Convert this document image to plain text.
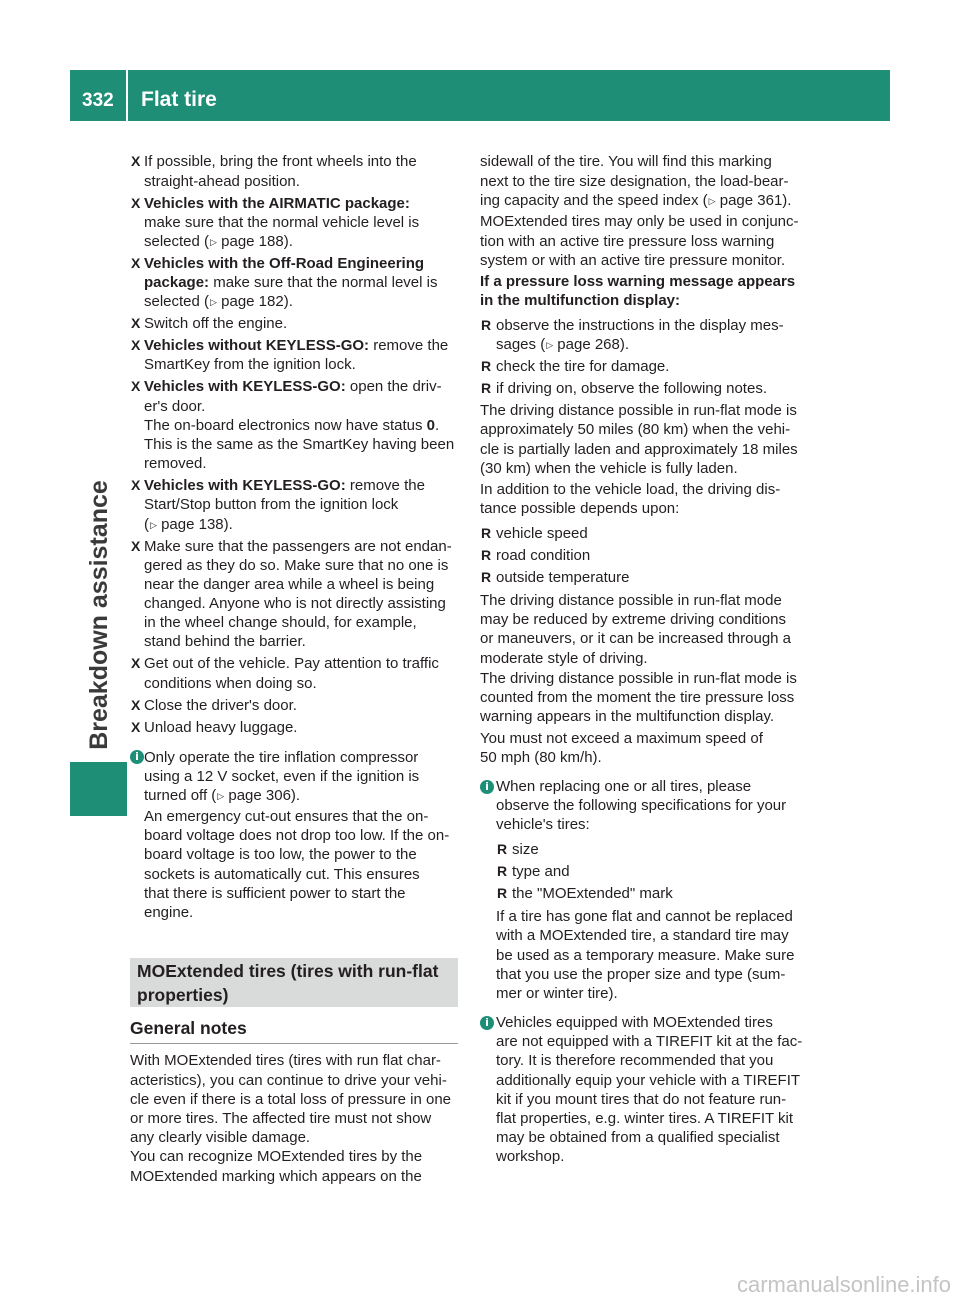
332 Flat tire
Breakdown assistance
X If possible, bring the front wheels into the
straight-ahead position.
X Vehicles with the AIRMATIC package:
make sure that the normal vehicle level is
selected (▷ page 188).
X Vehicles with the Off-Road Engineering
package: make sure that the normal level is
selected (▷ page 182).
X Switch off the engine.
X Vehicles without KEYLESS-GO: remove the
SmartKey from the ignition lock.
X Vehicles with KEYLESS-GO: open the driv-
er's door.
The on-board electronics now have status 0.
This is the same as the SmartKey having been
removed.
X Vehicles with KEYLESS-GO: remove the
Start/Stop button from the ignition lock
(▷ page 138).
X Make sure that the passengers are not endan-
gered as they do so. Make sure that no one is
near the danger area while a wheel is being
changed. Anyone who is not directly assisting
in the wheel change should, for example,
stand behind the barrier.
X Get out of the vehicle. Pay attention to traffic
conditions when doing so.
X Close the driver's door.
X Unload heavy luggage.
i Only operate the tire inflation compressor
using a 12 V socket, even if the ignition is
turned off (▷ page 306).
An emergency cut-out ensures that the on-
board voltage does not drop too low. If the on-
board voltage is too low, the power to the
sockets is automatically cut. This ensures
that there is sufficient power to start the
engine.
MOExtended tires (tires with run-flat
properties)
General notes
With MOExtended tires (tires with run flat char-
acteristics), you can continue to drive your vehi-
cle even if there is a total loss of pressure in one
or more tires. The affected tire must not show
any clearly visible damage.
You can recognize MOExtended tires by the
MOExtended marking which appears on the
sidewall of the tire. You will find this marking
next to the tire size designation, the load-bear-
ing capacity and the speed index (▷ page 361).
MOExtended tires may only be used in conjunc-
tion with an active tire pressure loss warning
system or with an active tire pressure monitor.
If a pressure loss warning message appears
in the multifunction display:
R observe the instructions in the display mes-
sages (▷ page 268).
R check the tire for damage.
R if driving on, observe the following notes.
The driving distance possible in run-flat mode is
approximately 50 miles (80 km) when the vehi-
cle is partially laden and approximately 18 miles
(30 km) when the vehicle is fully laden.
In addition to the vehicle load, the driving dis-
tance possible depends upon:
R vehicle speed
R road condition
R outside temperature
The driving distance possible in run-flat mode
may be reduced by extreme driving conditions
or maneuvers, or it can be increased through a
moderate style of driving.
The driving distance possible in run-flat mode is
counted from the moment the tire pressure loss
warning appears in the multifunction display.
You must not exceed a maximum speed of
50 mph (80 km/h).
i When replacing one or all tires, please
observe the following specifications for your
vehicle's tires:
R size
R type and
R the "MOExtended" mark
If a tire has gone flat and cannot be replaced
with a MOExtended tire, a standard tire may
be used as a temporary measure. Make sure
that you use the proper size and type (sum-
mer or winter tire).
i Vehicles equipped with MOExtended tires
are not equipped with a TIREFIT kit at the fac-
tory. It is therefore recommended that you
additionally equip your vehicle with a TIREFIT
kit if you mount tires that do not feature run-
flat properties, e.g. winter tires. A TIREFIT kit
may be obtained from a qualified specialist
workshop.
carmanualsonline.info
